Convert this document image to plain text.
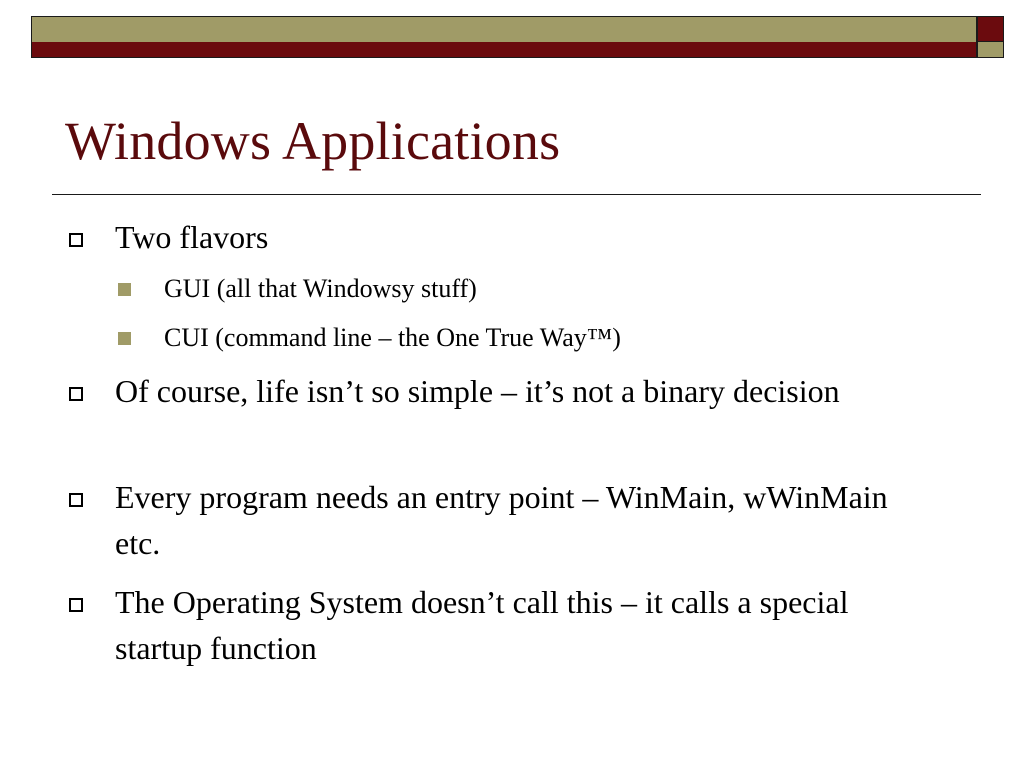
Windows Applications
Two flavors
GUI (all that Windowsy stuff)
CUI (command line – the One True Way™)
Of course, life isn’t so simple – it’s not a binary decision
Every program needs an entry point – WinMain, wWinMain etc.
The Operating System doesn’t call this – it calls a special startup function
